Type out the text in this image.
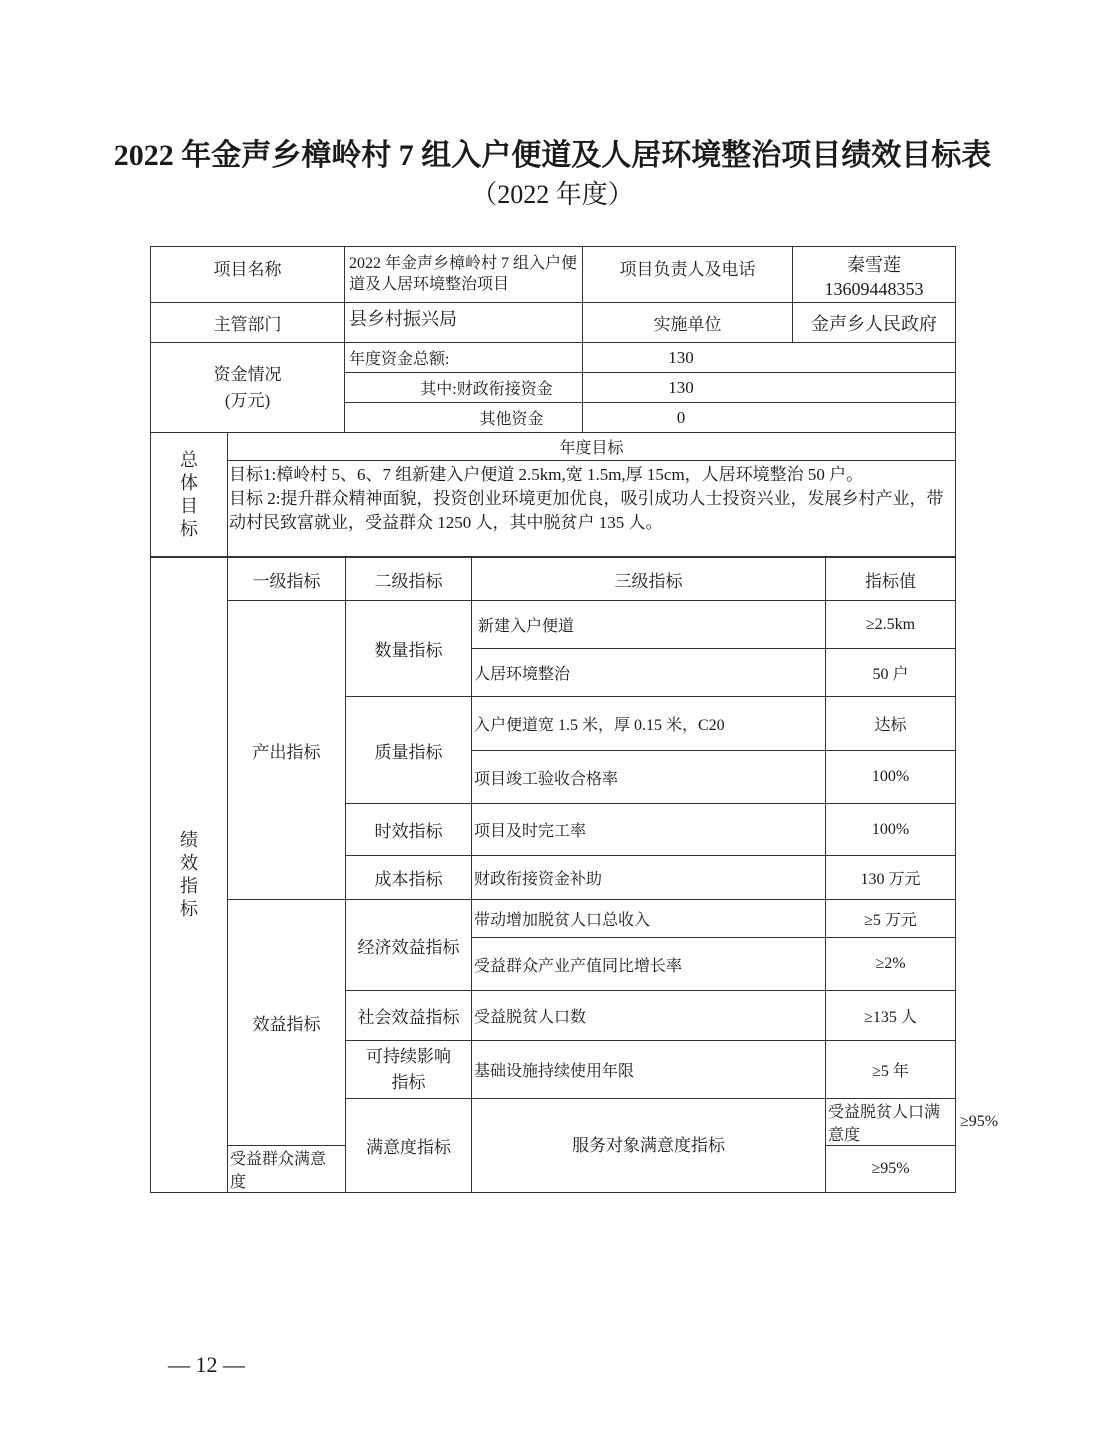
2022 年金声乡樟岭村 7 组入户便道及人居环境整治项目绩效目标表
（2022 年度）
项目名称		2022 年金声乡樟岭村 7 组入户便道及人居环境整治项目	项目负责人及电话	秦雪莲
13609448353

主管部门		县乡村振兴局	实施单位	金声乡人民政府

资金情况
(万元)		年度资金总额:	130	
		其中:财政衔接资金	130	
		其他资金	0	

总
体
目
标	年度目标			

	目标1:樟岭村 5、6、7 组新建入户便道 2.5km,宽 1.5m,厚 15cm，人居环境整治 50 户。
目标 2:提升群众精神面貌，投资创业环境更加优良，吸引成功人士投资兴业，发展乡村产业，带动村民致富就业，受益群众 1250 人，其中脱贫户 135 人。			
绩
效
指
标	一级指标	二级指标	三级指标	指标值	
	产出指标	数量指标	新建入户便道	≥2.5km	
			人居环境整治	50 户	
		质量指标	入户便道宽 1.5 米，厚 0.15 米，C20	达标	
			项目竣工验收合格率	100%	
		时效指标	项目及时完工率	100%	
		成本指标	财政衔接资金补助	130 万元	
	效益指标	经济效益指标	带动增加脱贫人口总收入	≥5 万元	
			受益群众产业产值同比增长率	≥2%	
		社会效益指标	受益脱贫人口数	≥135 人	
		可持续影响指标	基础设施持续使用年限	≥5 年	
		满意度指标	服务对象满意度指标	受益脱贫人口满意度	≥95%
	受益群众满意度			≥95%	
— 12 —
